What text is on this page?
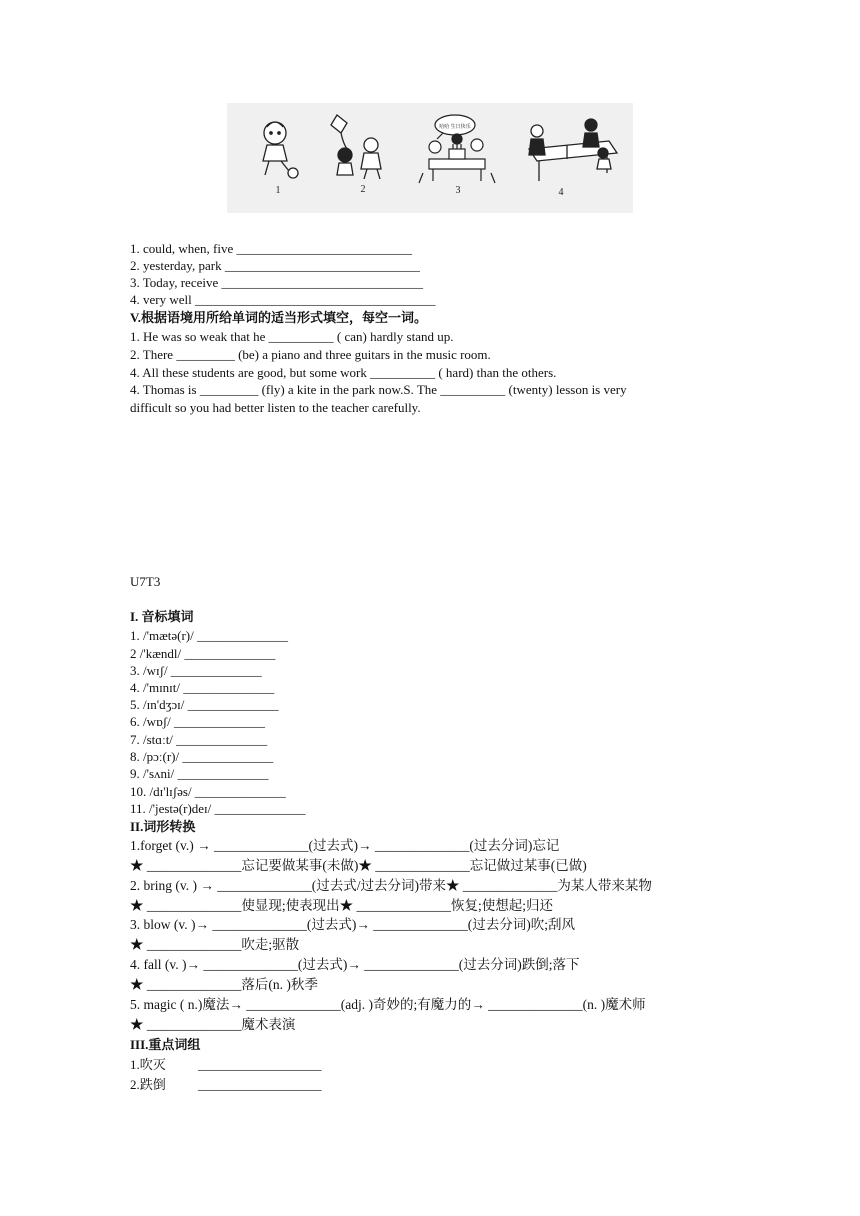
哈哈 生日快乐
1	2	3	4
1. could, when, five ___________________________
2. yesterday, park ______________________________
3. Today, receive _______________________________
4. very well _____________________________________
V.根据语境用所给单词的适当形式填空，每空一词。
1. He was so weak that he __________ ( can) hardly stand up.
2. There _________ (be) a piano and three guitars in the music room.
4. All these students are good, but some work __________ ( hard) than the others.
4. Thomas is _________ (fly) a kite in the park now.S. The __________ (twenty) lesson is very
difficult so you had better listen to the teacher carefully.
U7T3
I. 音标填词
1. /'mætə(r)/ ______________
2 /'kændl/ ______________
3. /wɪʃ/ ______________
4. /'mɪnɪt/ ______________
5. /ɪn'dʒɔɪ/ ______________
6. /wɒʃ/ ______________
7. /stɑːt/ ______________
8. /pɔː(r)/ ______________
9. /'sʌni/ ______________
10. /dɪ'lɪʃəs/ ______________
11. /'jestə(r)deɪ/ ______________
II.词形转换
1.forget (v.) → ______________(过去式)→ ______________(过去分词)忘记
★ ______________忘记要做某事(未做)★ ______________忘记做过某事(已做)
2. bring (v. ) → ______________(过去式/过去分词)带来★ ______________为某人带来某物
★ ______________使显现;使表现出★ ______________恢复;使想起;归还
3. blow (v. )→ ______________(过去式)→ ______________(过去分词)吹;刮风
★ ______________吹走;驱散
4. fall (v. )→ ______________(过去式)→ ______________(过去分词)跌倒;落下
★ ______________落后(n. )秋季
5. magic ( n.)魔法→ ______________(adj. )奇妙的;有魔力的→ ______________(n. )魔术师
★ ______________魔术表演
III.重点词组
1.吹灭 ___________________
2.跌倒 ___________________
